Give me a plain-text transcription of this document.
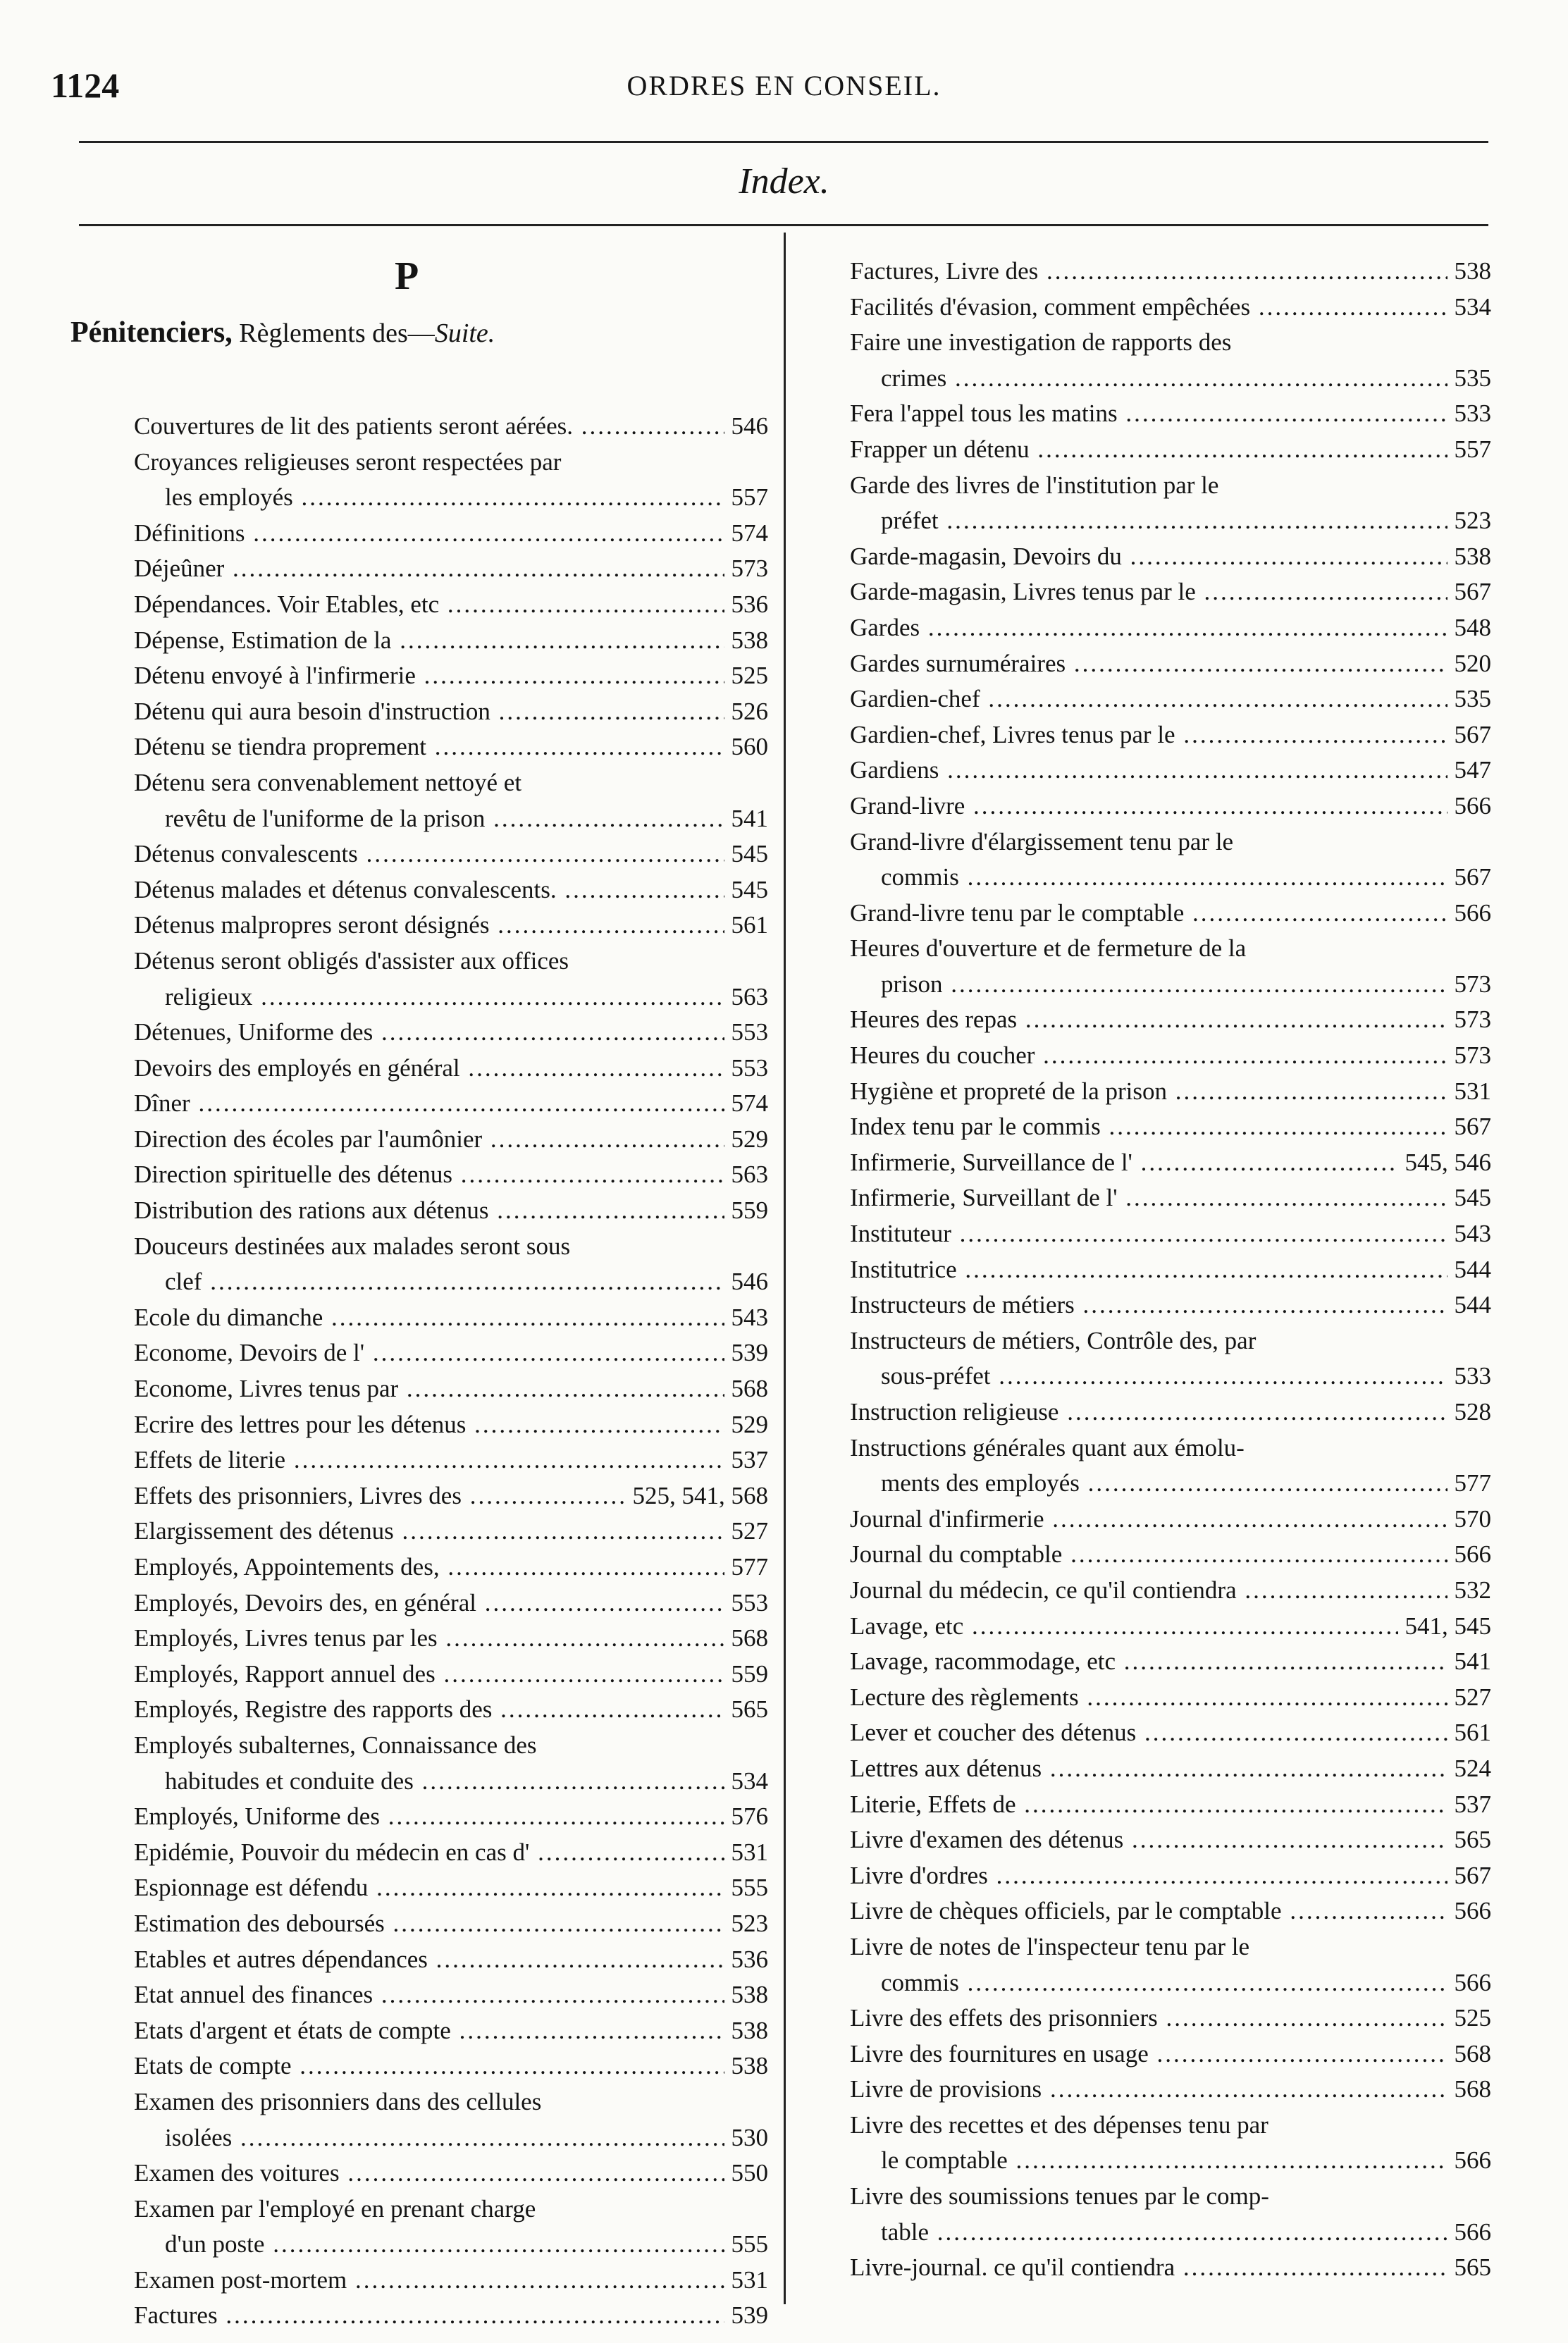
1124	ORDRES EN CONSEIL.
Index.
P
Pénitenciers, Règlements des—Suite.
Couvertures de lit des patients seront aérées. .....	546
Croyances religieuses seront respectées par
les employés .....	557
Définitions .....	574
Déjeûner .....	573
Dépendances. Voir Etables, etc .....	536
Dépense, Estimation de la .....	538
Détenu envoyé à l'infirmerie .....	525
Détenu qui aura besoin d'instruction .....	526
Détenu se tiendra proprement .....	560
Détenu sera convenablement nettoyé et
revêtu de l'uniforme de la prison .....	541
Détenus convalescents .....	545
Détenus malades et détenus convalescents. .....	545
Détenus malpropres seront désignés .....	561
Détenus seront obligés d'assister aux offices
religieux .....	563
Détenues, Uniforme des .....	553
Devoirs des employés en général .....	553
Dîner .....	574
Direction des écoles par l'aumônier .....	529
Direction spirituelle des détenus .....	563
Distribution des rations aux détenus .....	559
Douceurs destinées aux malades seront sous
clef .....	546
Ecole du dimanche .....	543
Econome, Devoirs de l' .....	539
Econome, Livres tenus par .....	568
Ecrire des lettres pour les détenus .....	529
Effets de literie .....	537
Effets des prisonniers, Livres des .....	525, 541, 568
Elargissement des détenus .....	527
Employés, Appointements des, .....	577
Employés, Devoirs des, en général .....	553
Employés, Livres tenus par les .....	568
Employés, Rapport annuel des .....	559
Employés, Registre des rapports des .....	565
Employés subalternes, Connaissance des
habitudes et conduite des .....	534
Employés, Uniforme des .....	576
Epidémie, Pouvoir du médecin en cas d' .....	531
Espionnage est défendu .....	555
Estimation des deboursés .....	523
Etables et autres dépendances .....	536
Etat annuel des finances .....	538
Etats d'argent et états de compte .....	538
Etats de compte .....	538
Examen des prisonniers dans des cellules
isolées .....	530
Examen des voitures .....	550
Examen par l'employé en prenant charge
d'un poste .....	555
Examen post-mortem .....	531
Factures .....	539
Factures, Livre des .....	538
Facilités d'évasion, comment empêchées .....	534
Faire une investigation de rapports des
crimes .....	535
Fera l'appel tous les matins .....	533
Frapper un détenu .....	557
Garde des livres de l'institution par le
préfet .....	523
Garde-magasin, Devoirs du .....	538
Garde-magasin, Livres tenus par le .....	567
Gardes .....	548
Gardes surnuméraires .....	520
Gardien-chef .....	535
Gardien-chef, Livres tenus par le .....	567
Gardiens .....	547
Grand-livre .....	566
Grand-livre d'élargissement tenu par le
commis .....	567
Grand-livre tenu par le comptable .....	566
Heures d'ouverture et de fermeture de la
prison .....	573
Heures des repas .....	573
Heures du coucher .....	573
Hygiène et propreté de la prison .....	531
Index tenu par le commis .....	567
Infirmerie, Surveillance de l' .....	545, 546
Infirmerie, Surveillant de l' .....	545
Instituteur .....	543
Institutrice .....	544
Instructeurs de métiers .....	544
Instructeurs de métiers, Contrôle des, par
sous-préfet .....	533
Instruction religieuse .....	528
Instructions générales quant aux émolu-
ments des employés .....	577
Journal d'infirmerie .....	570
Journal du comptable .....	566
Journal du médecin, ce qu'il contiendra .....	532
Lavage, etc .....	541, 545
Lavage, racommodage, etc .....	541
Lecture des règlements .....	527
Lever et coucher des détenus .....	561
Lettres aux détenus .....	524
Literie, Effets de .....	537
Livre d'examen des détenus .....	565
Livre d'ordres .....	567
Livre de chèques officiels, par le comptable .....	566
Livre de notes de l'inspecteur tenu par le
commis .....	566
Livre des effets des prisonniers .....	525
Livre des fournitures en usage .....	568
Livre de provisions .....	568
Livre des recettes et des dépenses tenu par
le comptable .....	566
Livre des soumissions tenues par le comp-
table .....	566
Livre-journal. ce qu'il contiendra .....	565
